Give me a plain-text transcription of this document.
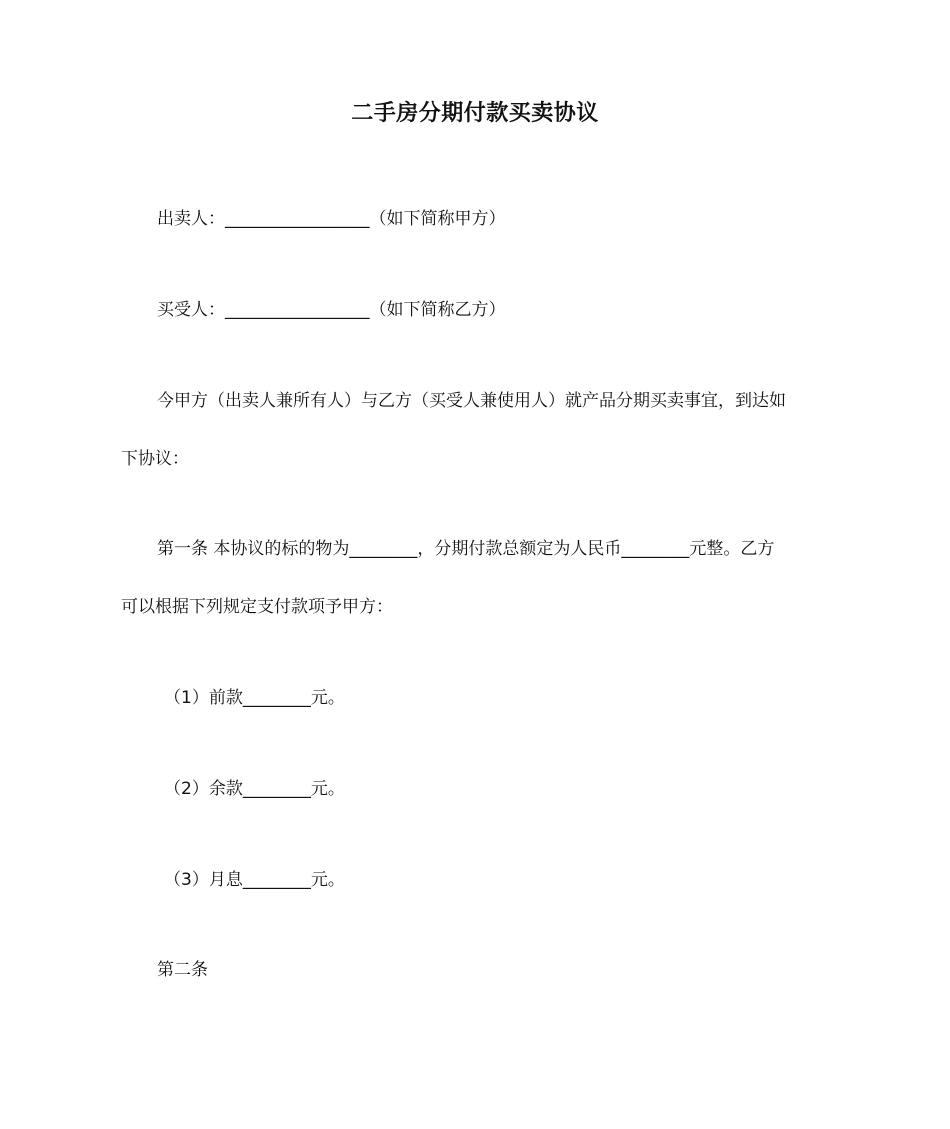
二手房分期付款买卖协议
出卖人：_________________（如下简称甲方）
买受人：_________________（如下简称乙方）
今甲方（出卖人兼所有人）与乙方（买受人兼使用人）就产品分期买卖事宜，到达如
下协议：
第一条 本协议的标的物为________，分期付款总额定为人民币________元整。乙方
可以根据下列规定支付款项予甲方：
（1）前款________元。
（2）余款________元。
（3）月息________元。
第二条
